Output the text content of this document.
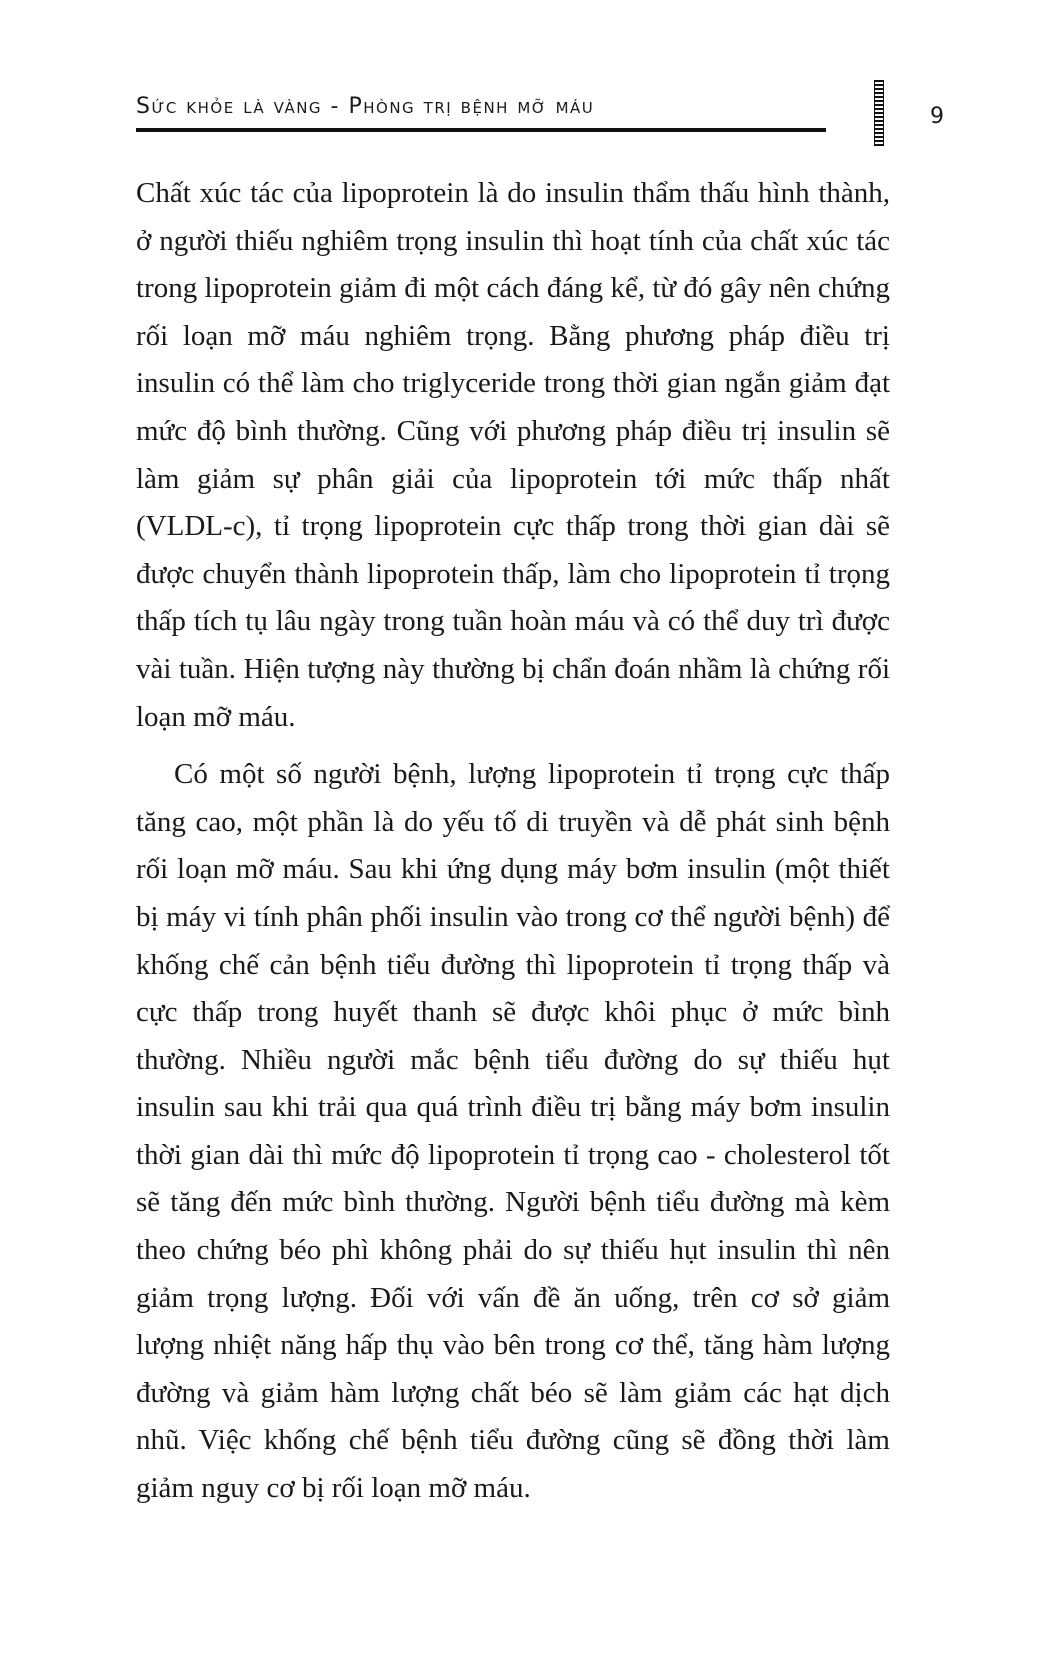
Sức khỏe là vàng - Phòng trị bệnh mỡ máu	9

Chất xúc tác của lipoprotein là do insulin thẩm thấu hình thành, ở người thiếu nghiêm trọng insulin thì hoạt tính của chất xúc tác trong lipoprotein giảm đi một cách đáng kể, từ đó gây nên chứng rối loạn mỡ máu nghiêm trọng. Bằng phương pháp điều trị insulin có thể làm cho triglyceride trong thời gian ngắn giảm đạt mức độ bình thường. Cũng với phương pháp điều trị insulin sẽ làm giảm sự phân giải của lipoprotein tới mức thấp nhất (VLDL-c), tỉ trọng lipoprotein cực thấp trong thời gian dài sẽ được chuyển thành lipoprotein thấp, làm cho lipoprotein tỉ trọng thấp tích tụ lâu ngày trong tuần hoàn máu và có thể duy trì được vài tuần. Hiện tượng này thường bị chẩn đoán nhầm là chứng rối loạn mỡ máu.

Có một số người bệnh, lượng lipoprotein tỉ trọng cực thấp tăng cao, một phần là do yếu tố di truyền và dễ phát sinh bệnh rối loạn mỡ máu. Sau khi ứng dụng máy bơm insulin (một thiết bị máy vi tính phân phối insulin vào trong cơ thể người bệnh) để khống chế cản bệnh tiểu đường thì lipoprotein tỉ trọng thấp và cực thấp trong huyết thanh sẽ được khôi phục ở mức bình thường. Nhiều người mắc bệnh tiểu đường do sự thiếu hụt insulin sau khi trải qua quá trình điều trị bằng máy bơm insulin thời gian dài thì mức độ lipoprotein tỉ trọng cao - cholesterol tốt sẽ tăng đến mức bình thường. Người bệnh tiểu đường mà kèm theo chứng béo phì không phải do sự thiếu hụt insulin thì nên giảm trọng lượng. Đối với vấn đề ăn uống, trên cơ sở giảm lượng nhiệt năng hấp thụ vào bên trong cơ thể, tăng hàm lượng đường và giảm hàm lượng chất béo sẽ làm giảm các hạt dịch nhũ. Việc khống chế bệnh tiểu đường cũng sẽ đồng thời làm giảm nguy cơ bị rối loạn mỡ máu.
